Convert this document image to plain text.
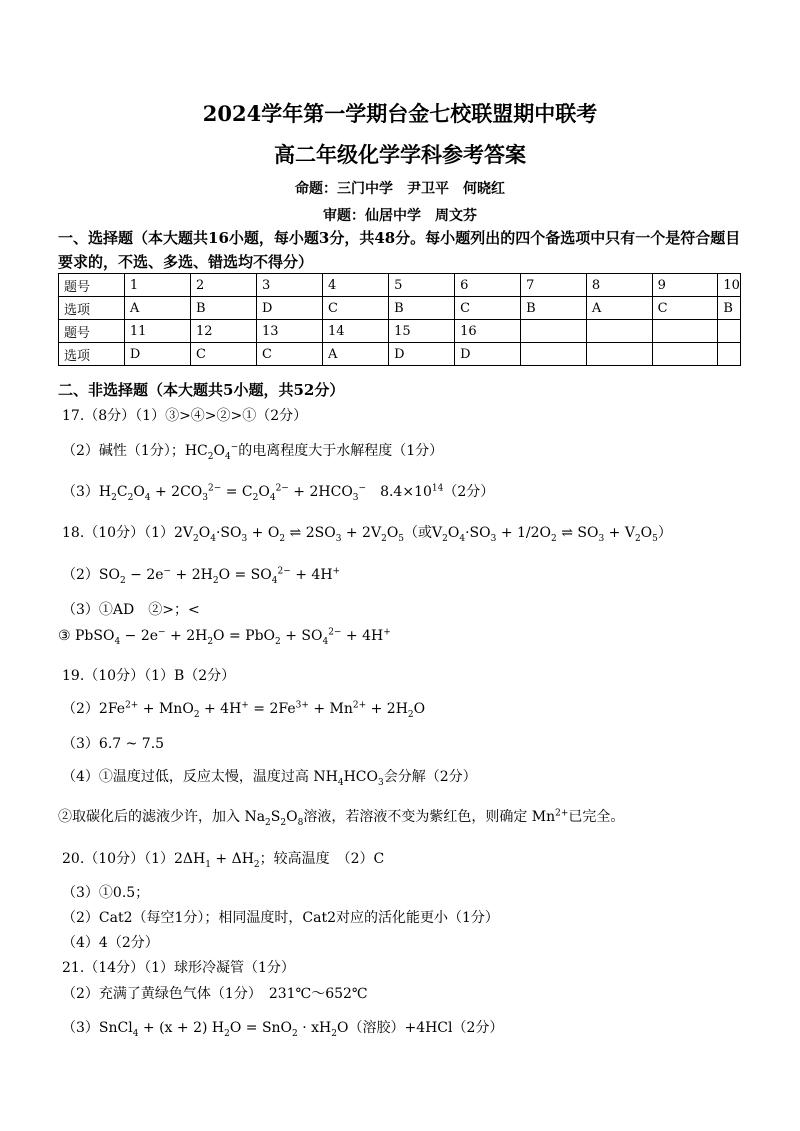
2024学年第一学期台金七校联盟期中联考
高二年级化学学科参考答案
命题：三门中学 尹卫平 何晓红
审题：仙居中学 周文芬
一、选择题（本大题共16小题，每小题3分，共48分。每小题列出的四个备选项中只有一个是符合题目要求的，不选、多选、错选均不得分）
题号	1	2	3	4	5	6	7	8	9	10
选项	A	B	D	C	B	C	B	A	C	B
题号	11	12	13	14	15	16				
选项	D	C	C	A	D	D				
二、非选择题（本大题共5小题，共52分）
17.（8分）（1）③>④>②>①（2分）
（2）碱性（1分）；$HC_2O_4^-$的电离程度大于水解程度（1分）
$(3)H_2C_2O_4 + 2CO_3^{2-} = C_2O_4^{2-} + 2HCO_3^-$　 $8.4\times 10^{14}(2$分）
18.（10分）$(1)2V_2O_4\cdot SO_3 + O_2$ ⇌ $2SO_3 + 2V_2O_5$（或$V_2O_4\cdot SO_3 + 1/2O_2$ ⇌ $SO_3 + V_2O_5$）
$(2)SO_2 - 2e^- + 2H_2O = SO_4^{2-} + 4H^+$
（3）①AD　②>；<
③ PbSO$_4$ − $2e^- + 2H_2O = PbO_2 + SO_4^{2-} + 4H^+$
19.（10分）（1）B（2分）
$(2)2Fe^{2+} + MnO_2 + 4H^+ = 2Fe^{3+} + Mn^{2+} + 2H_2O$
（3）6.7 ~ 7.5
（4）①温度过低，反应太慢，温度过高 $NH_4HCO_3$会分解（2分）
②取碳化后的滤液少许，加入 $Na_2S_2O_8$溶液，若溶液不变为紫红色，则确定 $Mn^{2+}$已完全。
20.（10分）$(1)2\Delta H_1 + \Delta H_2$；较高温度　（2）C
（3）①0.5；
（2）Cat2（每空1分）；相同温度时，Cat2对应的活化能更小（1分）
（4）4（2分）
21.（14分）（1）球形冷凝管（1分）
（2）充满了黄绿色气体（1分）　231℃～652℃
（3）SnCl$_4$ + (x + 2) $H_2O = SnO_2 \cdot xH_2O$（溶胶）+4HCl（2分）
